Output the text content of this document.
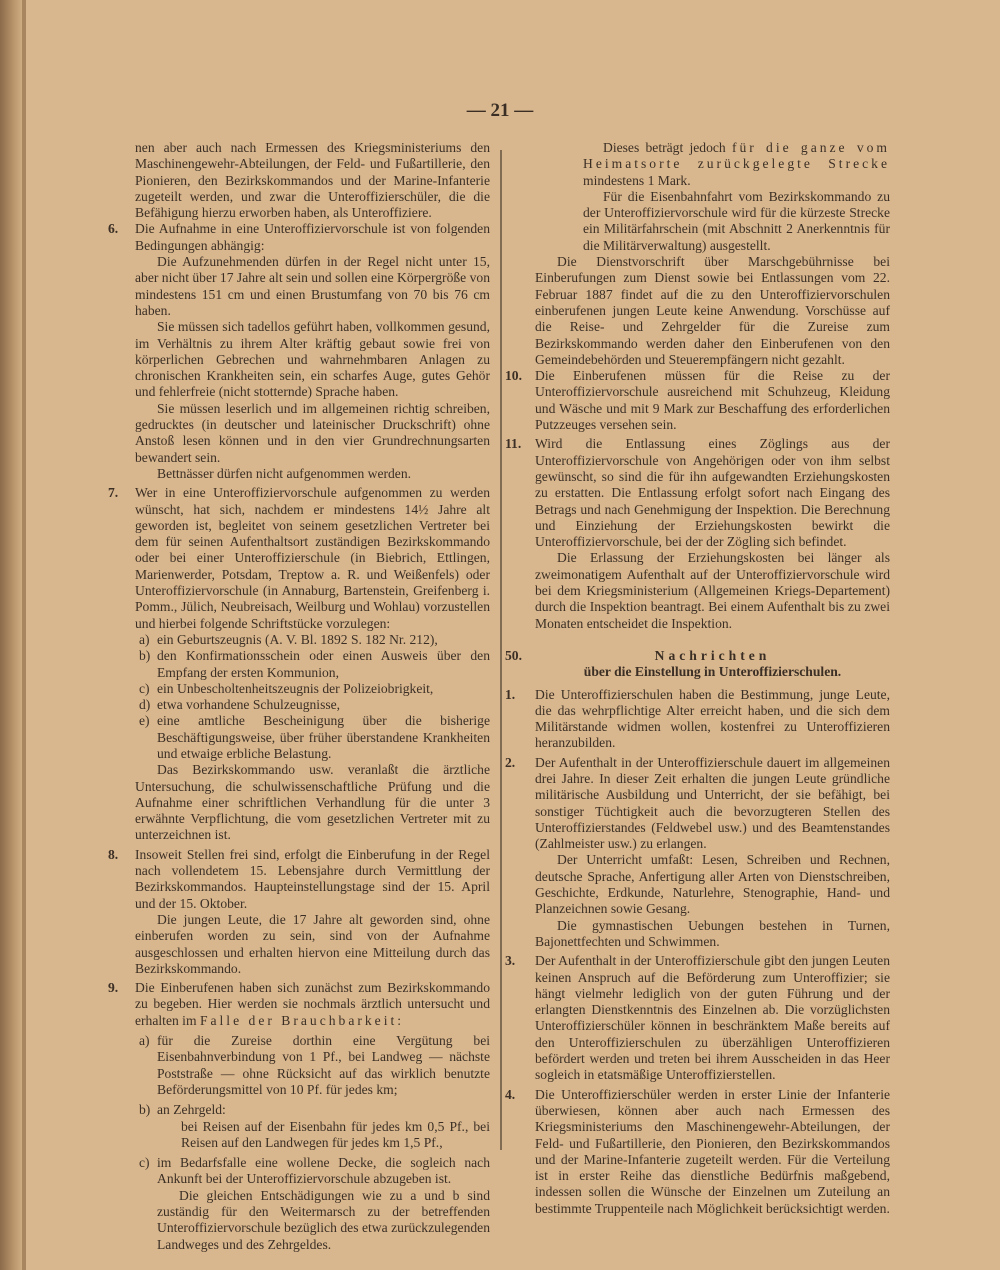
— 21 —

nen aber auch nach Ermessen des Kriegsministeriums den Maschinengewehr-Abteilungen, der Feld- und Fußartillerie, den Pionieren, den Bezirkskommandos und der Marine-Infanterie zugeteilt werden, und zwar die Unteroffizierschüler, die die Befähigung hierzu erworben haben, als Unteroffiziere.

6. Die Aufnahme in eine Unteroffiziervorschule ist von folgenden Bedingungen abhängig:

Die Aufzunehmenden dürfen in der Regel nicht unter 15, aber nicht über 17 Jahre alt sein und sollen eine Körpergröße von mindestens 151 cm und einen Brustumfang von 70 bis 76 cm haben.

Sie müssen sich tadellos geführt haben, vollkommen gesund, im Verhältnis zu ihrem Alter kräftig gebaut sowie frei von körperlichen Gebrechen und wahrnehmbaren Anlagen zu chronischen Krankheiten sein, ein scharfes Auge, gutes Gehör und fehlerfreie (nicht stotternde) Sprache haben.

Sie müssen leserlich und im allgemeinen richtig schreiben, gedrucktes (in deutscher und lateinischer Druckschrift) ohne Anstoß lesen können und in den vier Grundrechnungsarten bewandert sein.

Bettnässer dürfen nicht aufgenommen werden.

7. Wer in eine Unteroffiziervorschule aufgenommen zu werden wünscht, hat sich, nachdem er mindestens 14½ Jahre alt geworden ist, begleitet von seinem gesetzlichen Vertreter bei dem für seinen Aufenthaltsort zuständigen Bezirkskommando oder bei einer Unteroffizierschule (in Biebrich, Ettlingen, Marienwerder, Potsdam, Treptow a. R. und Weißenfels) oder Unteroffiziervorschule (in Annaburg, Bartenstein, Greifenberg i. Pomm., Jülich, Neubreisach, Weilburg und Wohlau) vorzustellen und hierbei folgende Schriftstücke vorzulegen:

a) ein Geburtszeugnis (A. V. Bl. 1892 S. 182 Nr. 212),

b) den Konfirmationsschein oder einen Ausweis über den Empfang der ersten Kommunion,

c) ein Unbescholtenheitszeugnis der Polizeiobrigkeit,

d) etwa vorhandene Schulzeugnisse,

e) eine amtliche Bescheinigung über die bisherige Beschäftigungsweise, über früher überstandene Krankheiten und etwaige erbliche Belastung.

Das Bezirkskommando usw. veranlaßt die ärztliche Untersuchung, die schulwissenschaftliche Prüfung und die Aufnahme einer schriftlichen Verhandlung für die unter 3 erwähnte Verpflichtung, die vom gesetzlichen Vertreter mit zu unterzeichnen ist.

8. Insoweit Stellen frei sind, erfolgt die Einberufung in der Regel nach vollendetem 15. Lebensjahre durch Vermittlung der Bezirkskommandos. Haupteinstellungstage sind der 15. April und der 15. Oktober.

Die jungen Leute, die 17 Jahre alt geworden sind, ohne einberufen worden zu sein, sind von der Aufnahme ausgeschlossen und erhalten hiervon eine Mitteilung durch das Bezirkskommando.

9. Die Einberufenen haben sich zunächst zum Bezirkskommando zu begeben. Hier werden sie nochmals ärztlich untersucht und erhalten im Falle der Brauchbarkeit:

a) für die Zureise dorthin eine Vergütung bei Eisenbahnverbindung von 1 Pf., bei Landweg — nächste Poststraße — ohne Rücksicht auf das wirklich benutzte Beförderungsmittel von 10 Pf. für jedes km;

b) an Zehrgeld:

bei Reisen auf der Eisenbahn für jedes km 0,5 Pf., bei Reisen auf den Landwegen für jedes km 1,5 Pf.,

c) im Bedarfsfalle eine wollene Decke, die sogleich nach Ankunft bei der Unteroffiziervorschule abzugeben ist.

Die gleichen Entschädigungen wie zu a und b sind zuständig für den Weitermarsch zu der betreffenden Unteroffiziervorschule bezüglich des etwa zurückzulegenden Landweges und des Zehrgeldes.

Dieses beträgt jedoch für die ganze vom Heimatsorte zurückgelegte Strecke mindestens 1 Mark.

Für die Eisenbahnfahrt vom Bezirkskommando zu der Unteroffiziervorschule wird für die kürzeste Strecke ein Militärfahrschein (mit Abschnitt 2 Anerkenntnis für die Militärverwaltung) ausgestellt.

Die Dienstvorschrift über Marschgebührnisse bei Einberufungen zum Dienst sowie bei Entlassungen vom 22. Februar 1887 findet auf die zu den Unteroffiziervorschulen einberufenen jungen Leute keine Anwendung. Vorschüsse auf die Reise- und Zehrgelder für die Zureise zum Bezirkskommando werden daher den Einberufenen von den Gemeindebehörden und Steuerempfängern nicht gezahlt.

10. Die Einberufenen müssen für die Reise zu der Unteroffiziervorschule ausreichend mit Schuhzeug, Kleidung und Wäsche und mit 9 Mark zur Beschaffung des erforderlichen Putzzeuges versehen sein.

11. Wird die Entlassung eines Zöglings aus der Unteroffiziervorschule von Angehörigen oder von ihm selbst gewünscht, so sind die für ihn aufgewandten Erziehungskosten zu erstatten. Die Entlassung erfolgt sofort nach Eingang des Betrags und nach Genehmigung der Inspektion. Die Berechnung und Einziehung der Erziehungskosten bewirkt die Unteroffiziervorschule, bei der der Zögling sich befindet.

Die Erlassung der Erziehungskosten bei länger als zweimonatigem Aufenthalt auf der Unteroffiziervorschule wird bei dem Kriegsministerium (Allgemeinen Kriegs-Departement) durch die Inspektion beantragt. Bei einem Aufenthalt bis zu zwei Monaten entscheidet die Inspektion.

50.	Nachrichten
über die Einstellung in Unteroffizierschulen.
1. Die Unteroffizierschulen haben die Bestimmung, junge Leute, die das wehrpflichtige Alter erreicht haben, und die sich dem Militärstande widmen wollen, kostenfrei zu Unteroffizieren heranzubilden.

2. Der Aufenthalt in der Unteroffizierschule dauert im allgemeinen drei Jahre. In dieser Zeit erhalten die jungen Leute gründliche militärische Ausbildung und Unterricht, der sie befähigt, bei sonstiger Tüchtigkeit auch die bevorzugteren Stellen des Unteroffizierstandes (Feldwebel usw.) und des Beamtenstandes (Zahlmeister usw.) zu erlangen.

Der Unterricht umfaßt: Lesen, Schreiben und Rechnen, deutsche Sprache, Anfertigung aller Arten von Dienstschreiben, Geschichte, Erdkunde, Naturlehre, Stenographie, Hand- und Planzeichnen sowie Gesang.

Die gymnastischen Uebungen bestehen in Turnen, Bajonettfechten und Schwimmen.

3. Der Aufenthalt in der Unteroffizierschule gibt den jungen Leuten keinen Anspruch auf die Beförderung zum Unteroffizier; sie hängt vielmehr lediglich von der guten Führung und der erlangten Dienstkenntnis des Einzelnen ab. Die vorzüglichsten Unteroffizierschüler können in beschränktem Maße bereits auf den Unteroffizierschulen zu überzähligen Unteroffizieren befördert werden und treten bei ihrem Ausscheiden in das Heer sogleich in etatsmäßige Unteroffizierstellen.

4. Die Unteroffizierschüler werden in erster Linie der Infanterie überwiesen, können aber auch nach Ermessen des Kriegsministeriums den Maschinengewehr-Abteilungen, der Feld- und Fußartillerie, den Pionieren, den Bezirkskommandos und der Marine-Infanterie zugeteilt werden. Für die Verteilung ist in erster Reihe das dienstliche Bedürfnis maßgebend, indessen sollen die Wünsche der Einzelnen um Zuteilung an bestimmte Truppenteile nach Möglichkeit berücksichtigt werden.
